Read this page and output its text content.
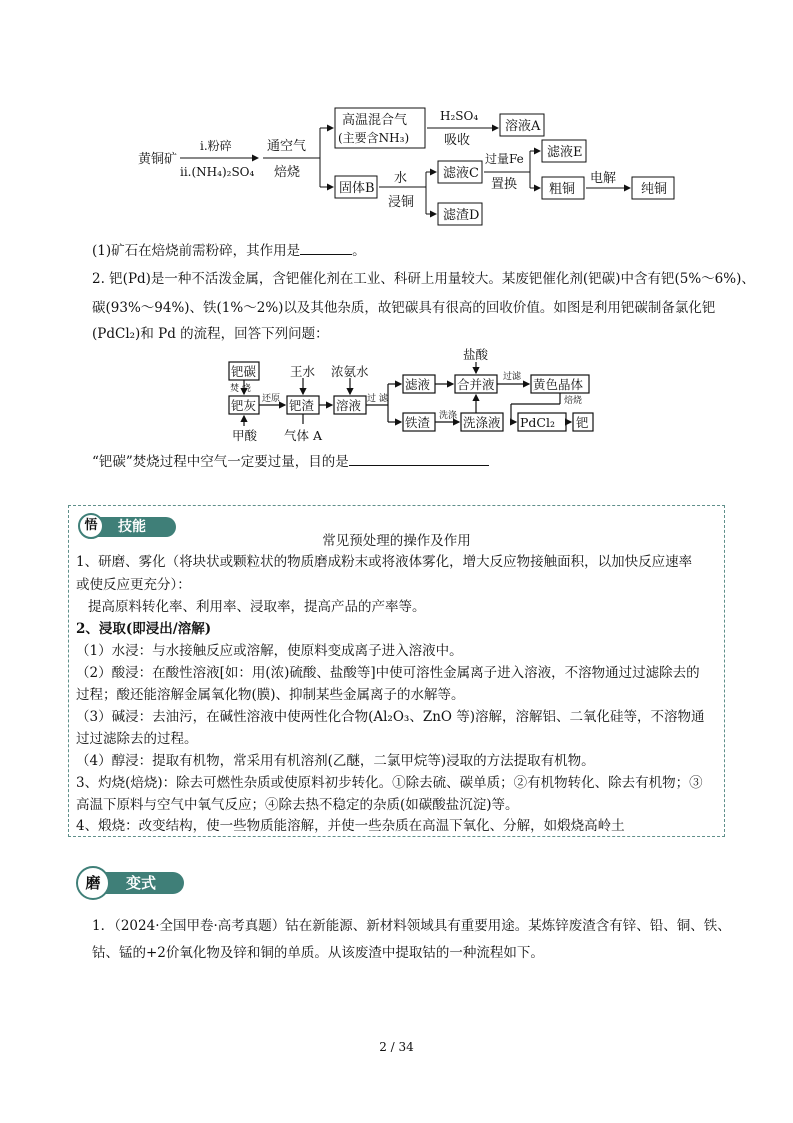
黄铜矿
i.粉碎
ii.(NH₄)₂SO₄
通空气
焙烧
高温混合气
(主要含NH₃)
H₂SO₄
吸收
溶液A
固体B
水
浸铜
滤液C
滤渣D
过量Fe
置换
滤液E
粗铜
电解
纯铜
(1)矿石在焙烧前需粉碎，其作用是	。
2. 钯(Pd)是一种不活泼金属，含钯催化剂在工业、科研上用量较大。某废钯催化剂(钯碳)中含有钯(5%～6%)、
碳(93%～94%)、铁(1%～2%)以及其他杂质，故钯碳具有很高的回收价值。如图是利用钯碳制备氯化钯
(PdCl₂)和 Pd 的流程，回答下列问题：
钯碳
焚 烧
钯灰
甲酸
还原
王水
钯渣
气体 A
浓氨水
溶液 过 滤
滤液
铁渣 洗涤
盐酸
合并液
洗涤液
过滤 黄色晶体
焙烧
PdCl₂ 钯
“钯碳”焚烧过程中空气一定要过量，目的是
悟	技能
常见预处理的操作及作用
1、研磨、雾化（将块状或颗粒状的物质磨成粉末或将液体雾化，增大反应物接触面积，以加快反应速率
或使反应更充分）：
提高原料转化率、利用率、浸取率，提高产品的产率等。
2、浸取(即浸出/溶解)
（1）水浸：与水接触反应或溶解，使原料变成离子进入溶液中。
（2）酸浸：在酸性溶液[如：用(浓)硫酸、盐酸等]中使可溶性金属离子进入溶液，不溶物通过过滤除去的
过程；酸还能溶解金属氧化物(膜)、抑制某些金属离子的水解等。
（3）碱浸：去油污，在碱性溶液中使两性化合物(Al₂O₃、ZnO 等)溶解，溶解铝、二氧化硅等，不溶物通
过过滤除去的过程。
（4）醇浸：提取有机物，常采用有机溶剂(乙醚，二氯甲烷等)浸取的方法提取有机物。
3、灼烧(焙烧)：除去可燃性杂质或使原料初步转化。①除去硫、碳单质；②有机物转化、除去有机物；③
高温下原料与空气中氧气反应；④除去热不稳定的杂质(如碳酸盐沉淀)等。
4、煅烧：改变结构，使一些物质能溶解，并使一些杂质在高温下氧化、分解，如煅烧高岭土
磨	变式
1．（2024·全国甲卷·高考真题）钴在新能源、新材料领域具有重要用途。某炼锌废渣含有锌、铅、铜、铁、
钴、锰的+2价氧化物及锌和铜的单质。从该废渣中提取钴的一种流程如下。
2 / 34
